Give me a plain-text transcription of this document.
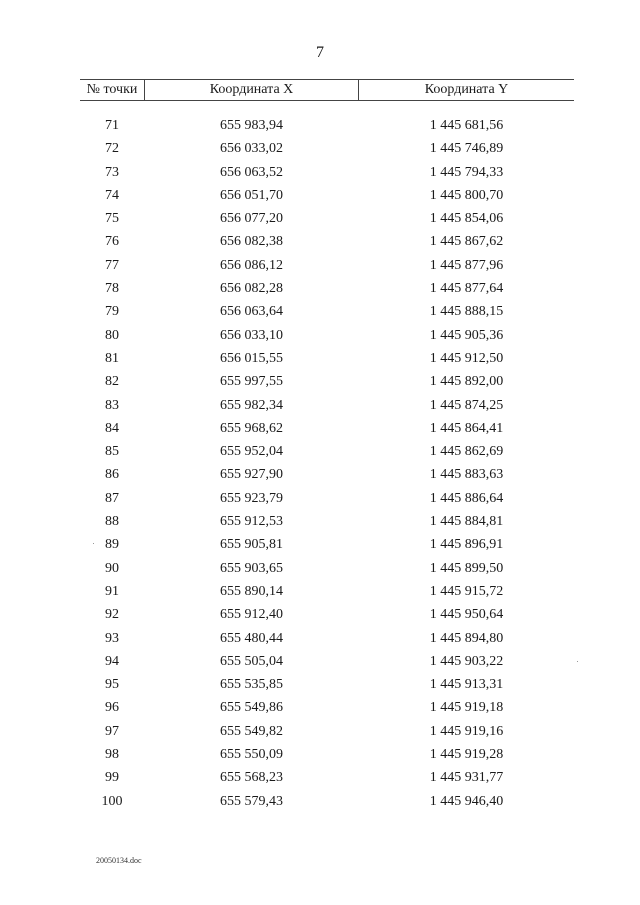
7
№ точки	Координата X	Координата Y
71	655 983,94	1 445 681,56
72	656 033,02	1 445 746,89
73	656 063,52	1 445 794,33
74	656 051,70	1 445 800,70
75	656 077,20	1 445 854,06
76	656 082,38	1 445 867,62
77	656 086,12	1 445 877,96
78	656 082,28	1 445 877,64
79	656 063,64	1 445 888,15
80	656 033,10	1 445 905,36
81	656 015,55	1 445 912,50
82	655 997,55	1 445 892,00
83	655 982,34	1 445 874,25
84	655 968,62	1 445 864,41
85	655 952,04	1 445 862,69
86	655 927,90	1 445 883,63
87	655 923,79	1 445 886,64
88	655 912,53	1 445 884,81
89	655 905,81	1 445 896,91
90	655 903,65	1 445 899,50
91	655 890,14	1 445 915,72
92	655 912,40	1 445 950,64
93	655 480,44	1 445 894,80
94	655 505,04	1 445 903,22
95	655 535,85	1 445 913,31
96	655 549,86	1 445 919,18
97	655 549,82	1 445 919,16
98	655 550,09	1 445 919,28
99	655 568,23	1 445 931,77
100	655 579,43	1 445 946,40
20050134.doc
